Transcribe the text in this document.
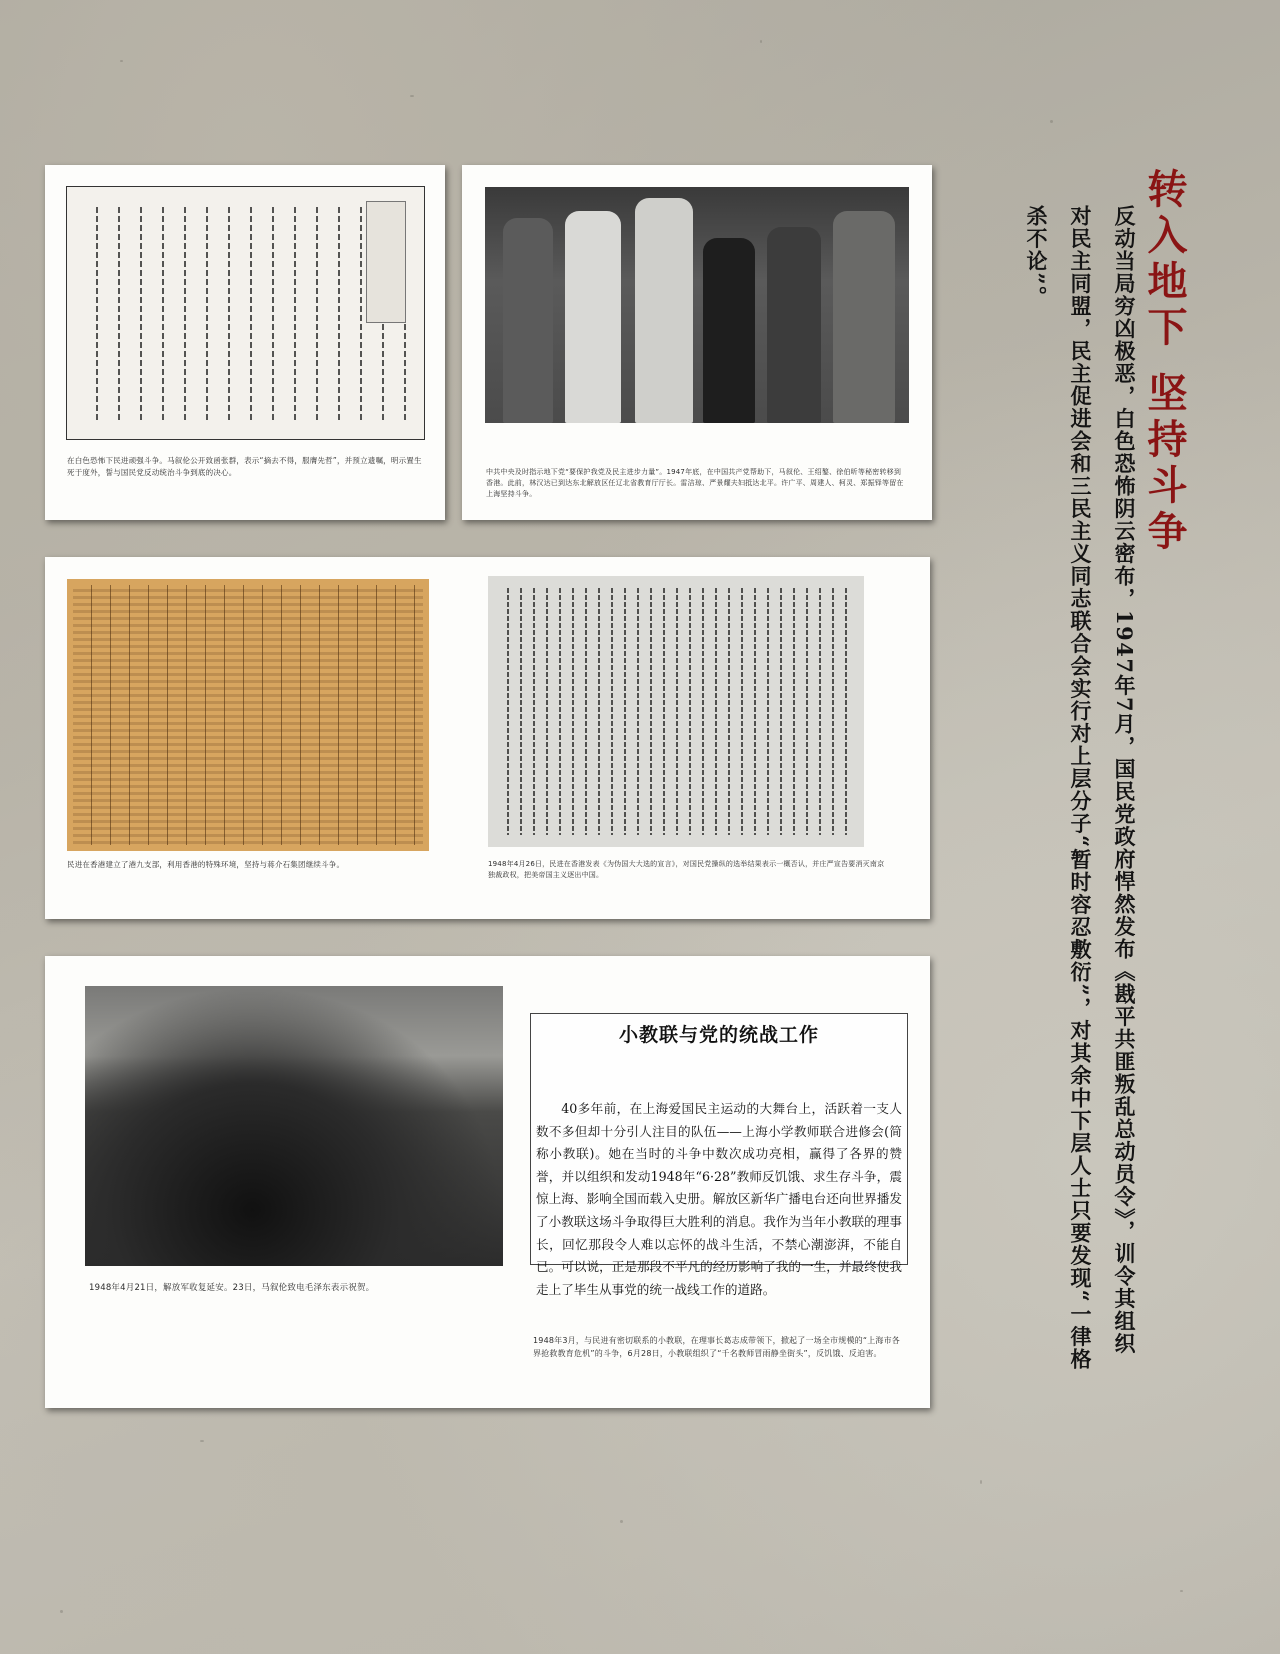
转入地下 坚持斗争
反动当局穷凶极恶，白色恐怖阴云密布，1947年7月，国民党政府悍然发布《戡平共匪叛乱总动员令》，训令其组织对民主同盟，民主促进会和三民主义同志联合会实行对上层分子“暂时容忍敷衍”，对其余中下层人士只要发现“一律格杀不论”。
在白色恐怖下民进顽强斗争。马叙伦公开致函张群，表示“摘去不得，服膺先哲”，并预立遗嘱，明示置生死于度外，誓与国民党反动统治斗争到底的决心。	中共中央及时指示地下党“要保护我党及民主进步力量”。1947年底，在中国共产党帮助下，马叙伦、王绍鏊、徐伯昕等秘密转移到香港。此前，林汉达已到达东北解放区任辽北省教育厅厅长。雷洁琼、严景耀夫妇抵达北平。许广平、周建人、柯灵、郑振铎等留在上海坚持斗争。
民进在香港建立了港九支部，利用香港的特殊环境，坚持与蒋介石集团继续斗争。	1948年4月26日，民进在香港发表《为伪国大大选的宣言》，对国民党操纵的选举结果表示一概否认，并庄严宣告要消灭南京独裁政权，把美帝国主义逐出中国。
1948年4月21日，解放军收复延安。23日，马叙伦致电毛泽东表示祝贺。
小教联与党的统战工作
40多年前，在上海爱国民主运动的大舞台上，活跃着一支人数不多但却十分引人注目的队伍——上海小学教师联合进修会(简称小教联)。她在当时的斗争中数次成功亮相，赢得了各界的赞誉，并以组织和发动1948年“6·28”教师反饥饿、求生存斗争，震惊上海、影响全国而载入史册。解放区新华广播电台还向世界播发了小教联这场斗争取得巨大胜利的消息。我作为当年小教联的理事长，回忆那段令人难以忘怀的战斗生活，不禁心潮澎湃，不能自已。可以说，正是那段不平凡的经历影响了我的一生，并最终使我走上了毕生从事党的统一战线工作的道路。
1948年3月，与民进有密切联系的小教联，在理事长葛志成带领下，掀起了一场全市规模的“上海市各界抢救教育危机”的斗争，6月28日，小教联组织了“千名教师冒雨静坐街头”，反饥饿、反迫害。
